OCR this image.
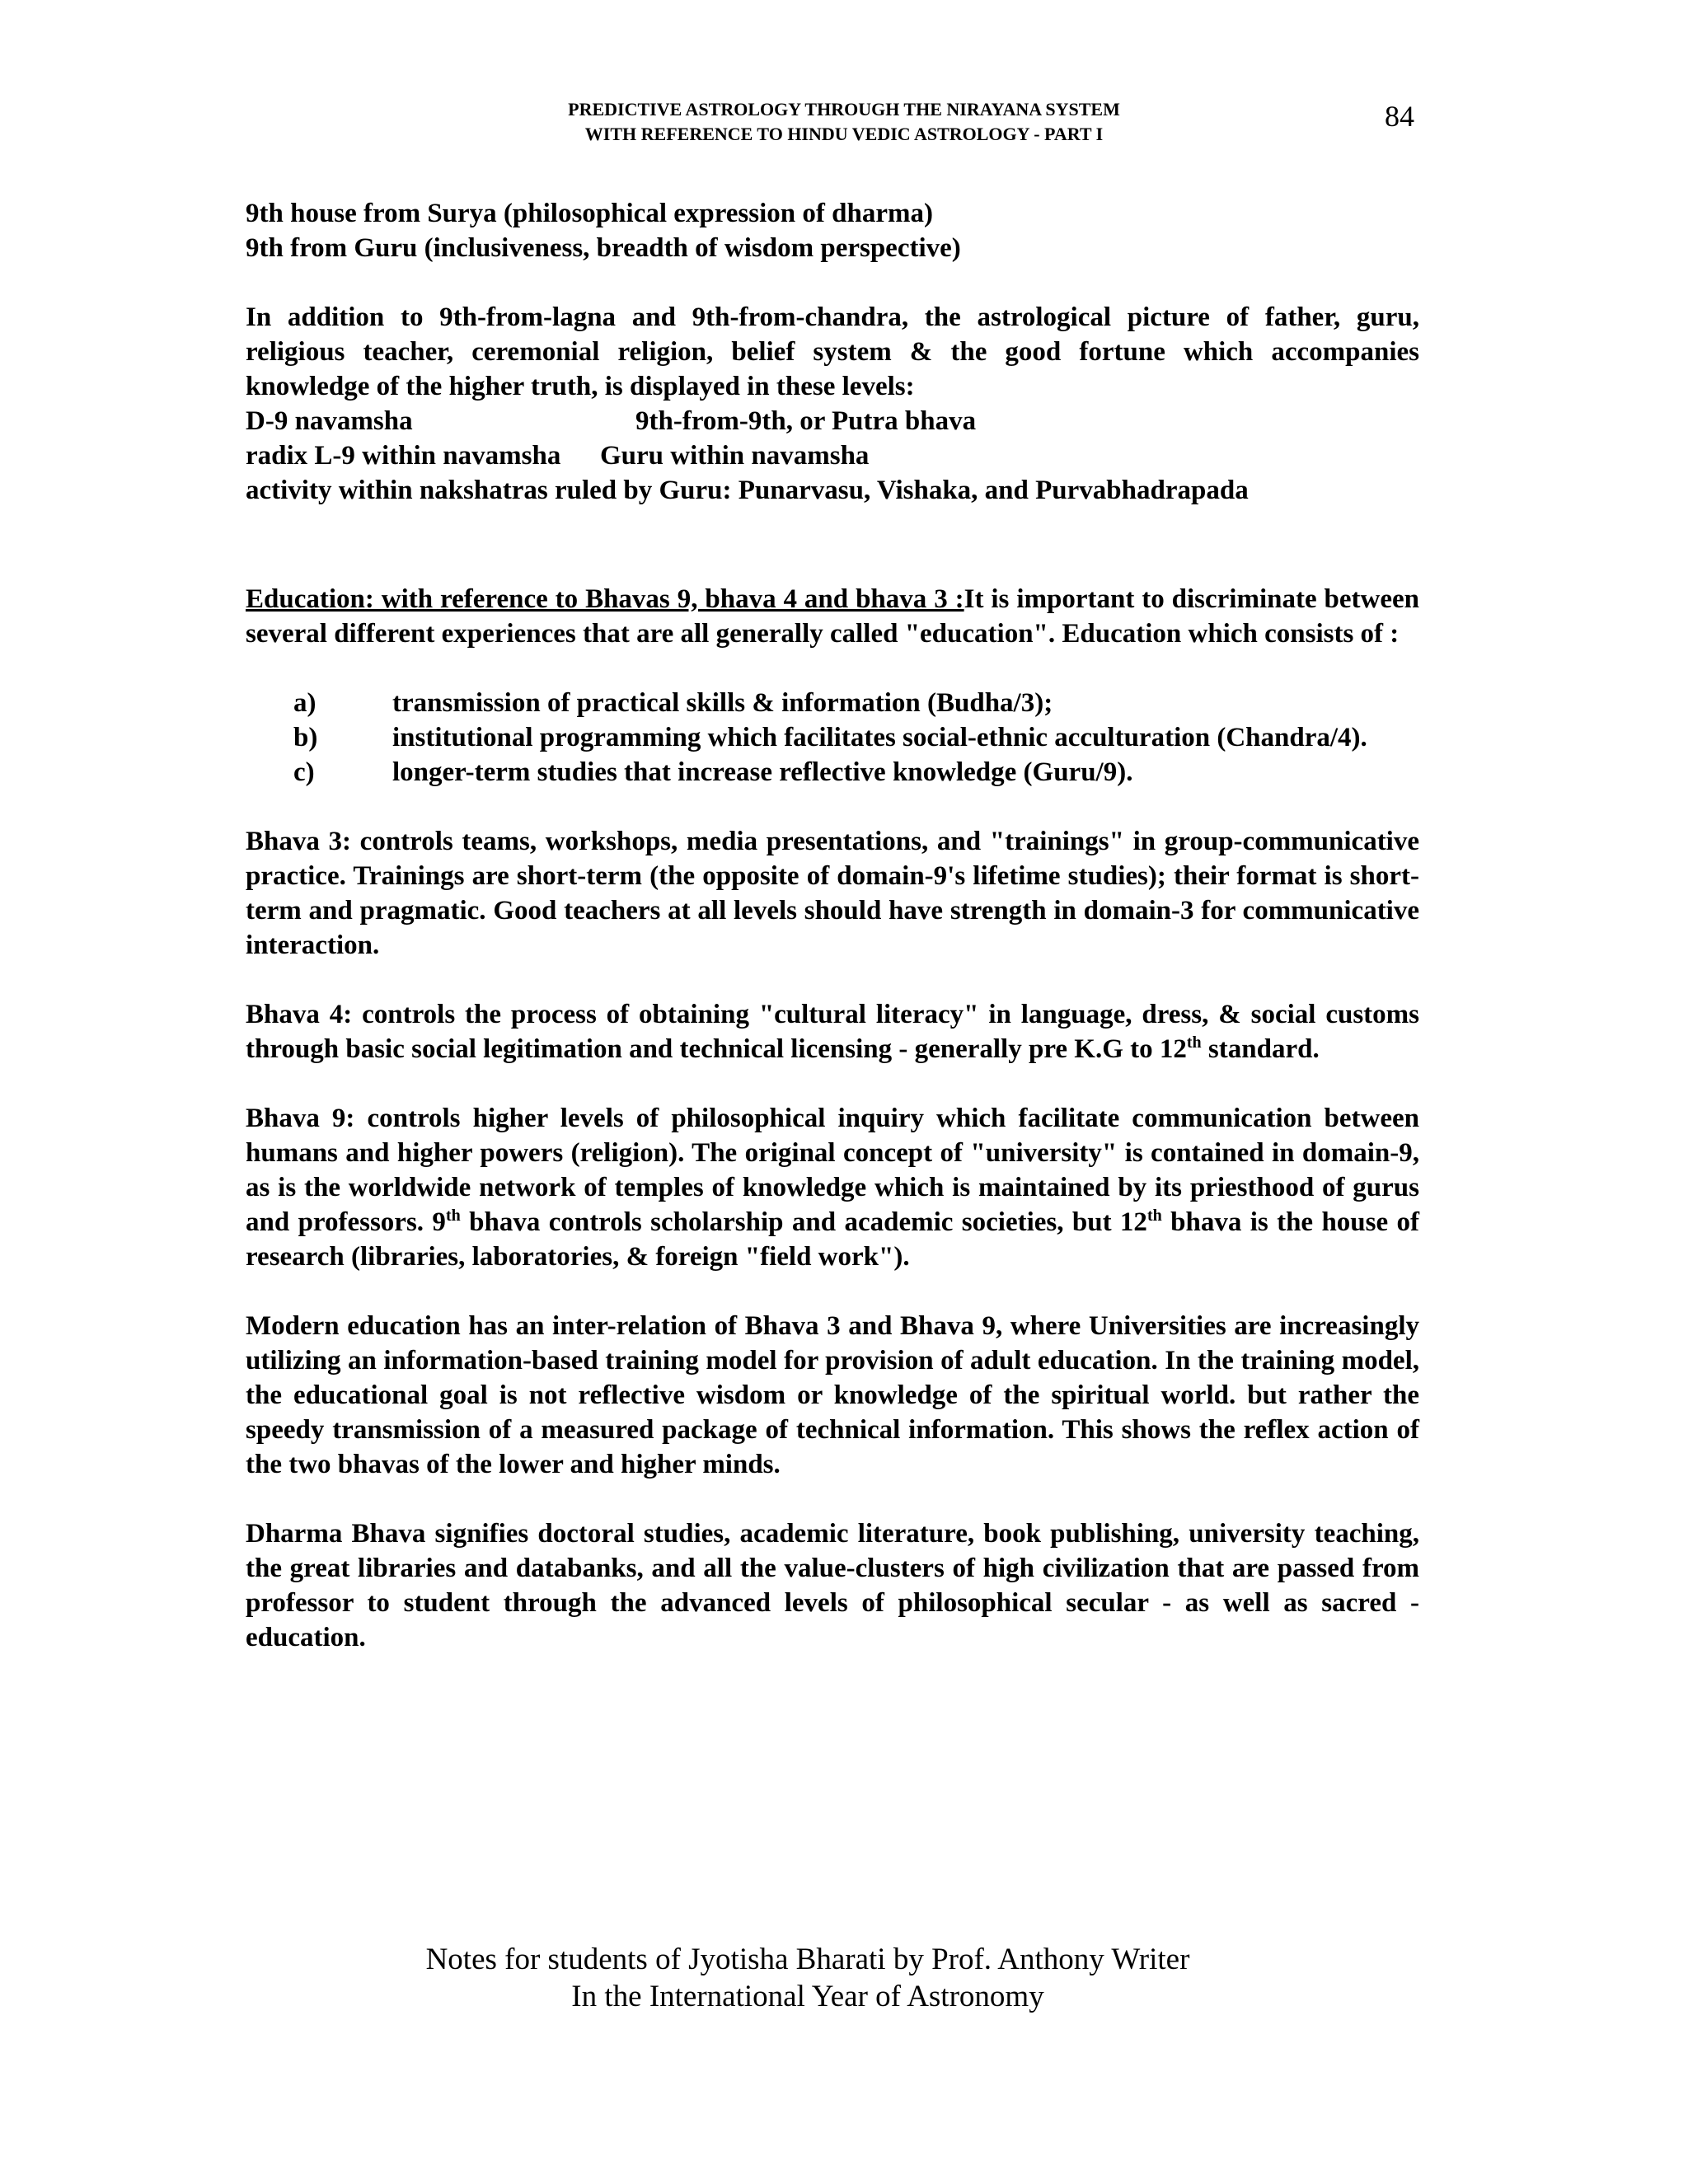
PREDICTIVE ASTROLOGY THROUGH THE NIRAYANA SYSTEM
WITH REFERENCE TO HINDU VEDIC ASTROLOGY - PART I
84

9th house from Surya (philosophical expression of dharma)

9th from Guru (inclusiveness, breadth of wisdom perspective)

In addition to 9th-from-lagna and 9th-from-chandra, the astrological picture of father, guru, religious teacher, ceremonial religion, belief system & the good fortune which accompanies knowledge of the higher truth, is displayed in these levels:

D-9 navamsha	9th-from-9th, or Putra bhava
radix L-9 within navamsha	Guru within navamsha

activity within nakshatras ruled by Guru: Punarvasu, Vishaka, and Purvabhadrapada

Education: with reference to Bhavas 9, bhava 4 and bhava 3 :It is important to discriminate between several different experiences that are all generally called "education". Education which consists of :

a)	transmission of practical skills & information (Budha/3);
b)	institutional programming which facilitates social-ethnic acculturation (Chandra/4).
c)	longer-term studies that increase reflective knowledge (Guru/9).

Bhava 3: controls teams, workshops, media presentations, and "trainings" in group-communicative practice. Trainings are short-term (the opposite of domain-9's lifetime studies); their format is short-term and pragmatic. Good teachers at all levels should have strength in domain-3 for communicative interaction.

Bhava 4: controls the process of obtaining "cultural literacy" in language, dress, & social customs through basic social legitimation and technical licensing - generally pre K.G to 12th standard.

Bhava 9: controls higher levels of philosophical inquiry which facilitate communication between humans and higher powers (religion). The original concept of "university" is contained in domain-9, as is the worldwide network of temples of knowledge which is maintained by its priesthood of gurus and professors. 9th bhava controls scholarship and academic societies, but 12th bhava is the house of research (libraries, laboratories, & foreign "field work").

Modern education has an inter-relation of Bhava 3 and Bhava 9, where Universities are increasingly utilizing an information-based training model for provision of adult education. In the training model, the educational goal is not reflective wisdom or knowledge of the spiritual world. but rather the speedy transmission of a measured package of technical information. This shows the reflex action of the two bhavas of the lower and higher minds.

Dharma Bhava signifies doctoral studies, academic literature, book publishing, university teaching, the great libraries and databanks, and all the value-clusters of high civilization that are passed from professor to student through the advanced levels of philosophical secular - as well as sacred - education.

Notes for students of Jyotisha Bharati by Prof. Anthony Writer
In the International Year of Astronomy
